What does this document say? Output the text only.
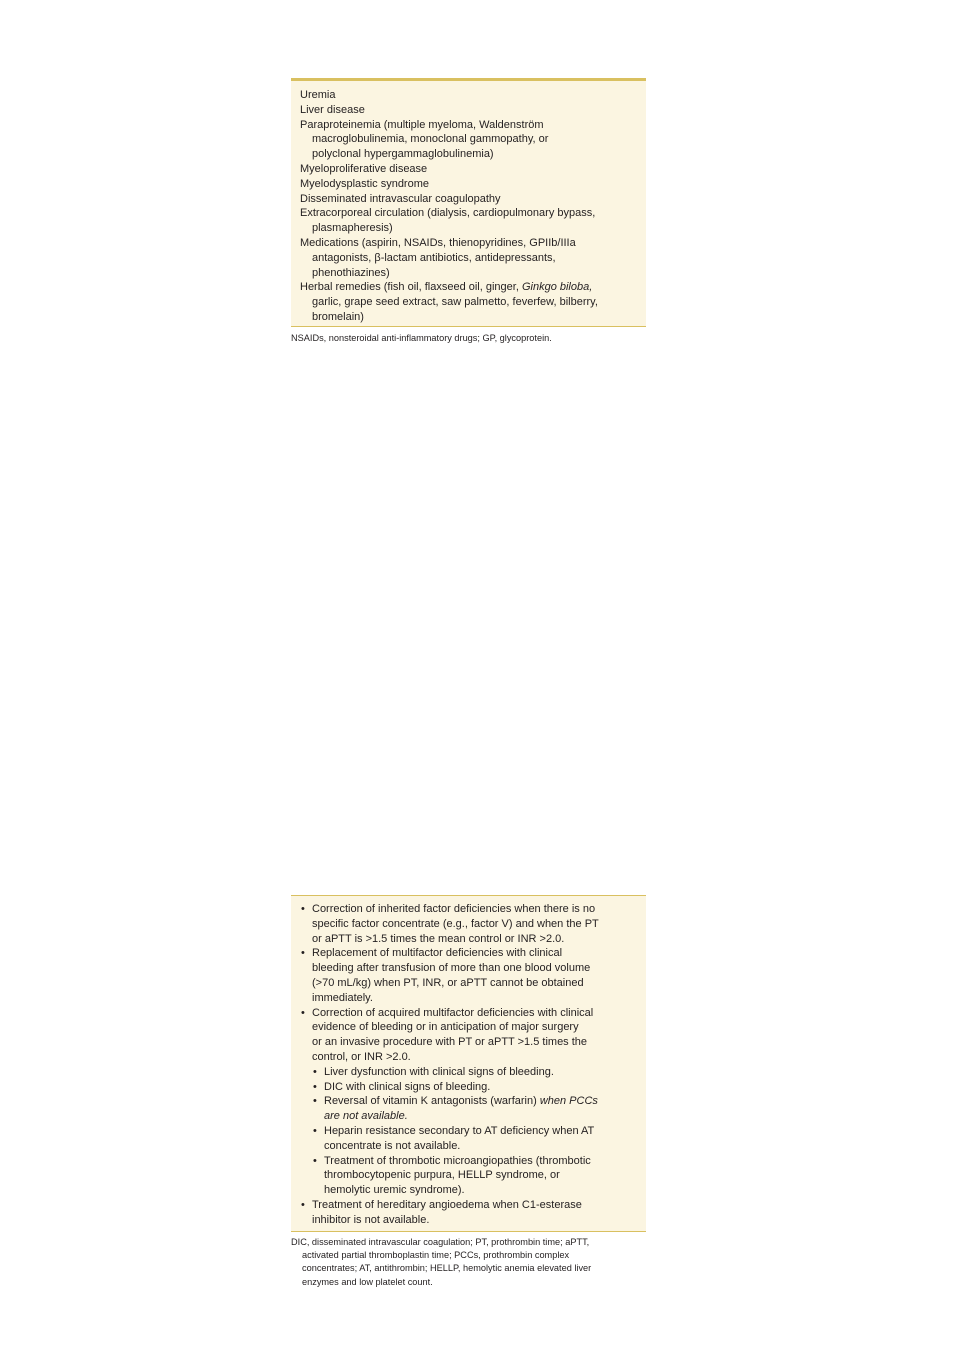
Uremia
Liver disease
Paraproteinemia (multiple myeloma, Waldenström
macroglobulinemia, monoclonal gammopathy, or
polyclonal hypergammaglobulinemia)
Myeloproliferative disease
Myelodysplastic syndrome
Disseminated intravascular coagulopathy
Extracorporeal circulation (dialysis, cardiopulmonary bypass,
plasmapheresis)
Medications (aspirin, NSAIDs, thienopyridines, GPIIb/IIIa
antagonists, β-lactam antibiotics, antidepressants,
phenothiazines)
Herbal remedies (fish oil, flaxseed oil, ginger, Ginkgo biloba,
garlic, grape seed extract, saw palmetto, feverfew, bilberry,
bromelain)
NSAIDs, nonsteroidal anti-inflammatory drugs; GP, glycoprotein.
• Correction of inherited factor deficiencies when there is no
specific factor concentrate (e.g., factor V) and when the PT
or aPTT is >1.5 times the mean control or INR >2.0.
• Replacement of multifactor deficiencies with clinical
bleeding after transfusion of more than one blood volume
(>70 mL/kg) when PT, INR, or aPTT cannot be obtained
immediately.
• Correction of acquired multifactor deficiencies with clinical
evidence of bleeding or in anticipation of major surgery
or an invasive procedure with PT or aPTT >1.5 times the
control, or INR >2.0.
• Liver dysfunction with clinical signs of bleeding.
• DIC with clinical signs of bleeding.
• Reversal of vitamin K antagonists (warfarin) when PCCs
are not available.
• Heparin resistance secondary to AT deficiency when AT
concentrate is not available.
• Treatment of thrombotic microangiopathies (thrombotic
thrombocytopenic purpura, HELLP syndrome, or
hemolytic uremic syndrome).
• Treatment of hereditary angioedema when C1-esterase
inhibitor is not available.
DIC, disseminated intravascular coagulation; PT, prothrombin time; aPTT,
activated partial thromboplastin time; PCCs, prothrombin complex
concentrates; AT, antithrombin; HELLP, hemolytic anemia elevated liver
enzymes and low platelet count.
